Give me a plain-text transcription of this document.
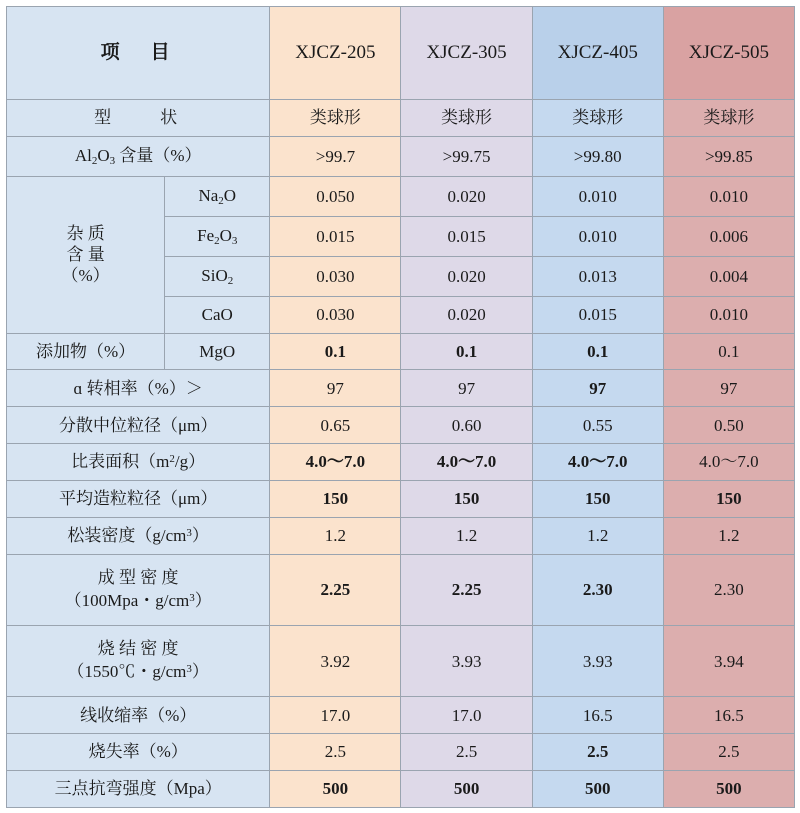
项　目		XJCZ-205	XJCZ-305	XJCZ-405	XJCZ-505
型　　状		类球形	类球形	类球形	类球形
$Al_2O_3$ 含量（%）		>99.7	>99.75	>99.80	>99.85
杂 质
含 量
（%）	$Na_2O$	0.050	0.020	0.010	0.010
	$Fe_2O_3$	0.015	0.015	0.010	0.006
	SiO$_2$	0.030	0.020	0.013	0.004
	CaO	0.030	0.020	0.015	0.010
添加物（%）	MgO	0.1	0.1	0.1	0.1
ɑ 转相率（%）＞		97	97	97	97
分散中位粒径（μm）		0.65	0.60	0.55	0.50
比表面积$(m^2/g)$		4.0～7.0	4.0～7.0	4.0～7.0	4.0～7.0
平均造粒粒径（μm）		150	150	150	150
松装密度$(g/cm^3)$		1.2	1.2	1.2	1.2
成 型 密 度
（100Mpa・$g/cm^3$）		2.25	2.25	2.30	2.30
烧 结 密 度
（1550℃・$g/cm^3$）		3.92	3.93	3.93	3.94
线收缩率（%）		17.0	17.0	16.5	16.5
烧失率（%）		2.5	2.5	2.5	2.5
三点抗弯强度（Mpa）		500	500	500	500
